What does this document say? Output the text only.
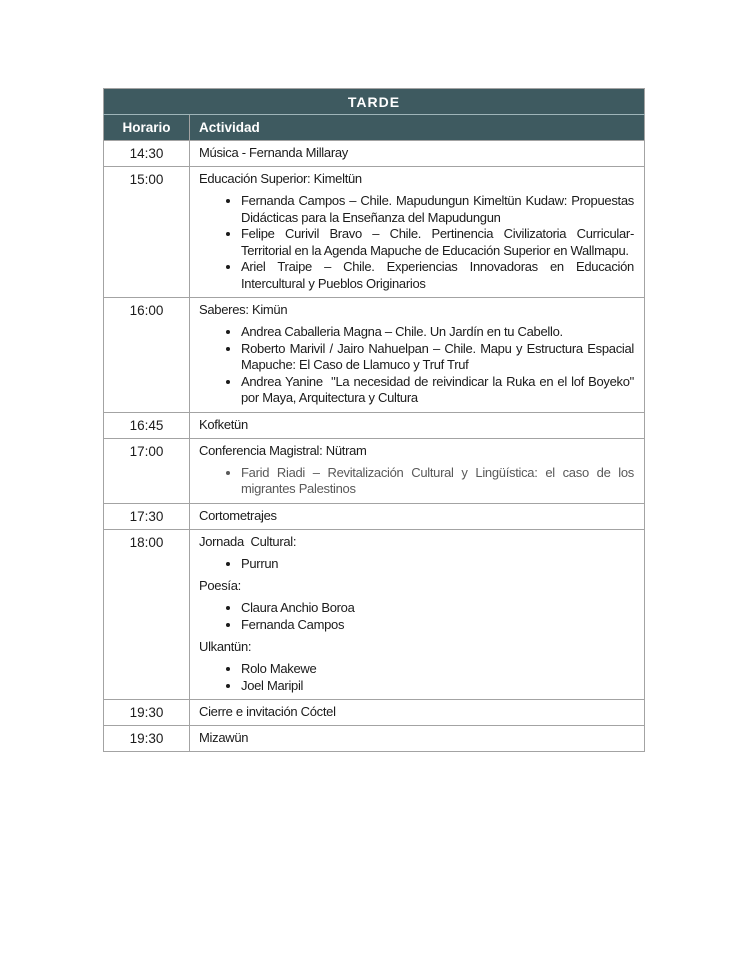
TARDE	
Horario	Actividad
14:30	Música - Fernanda Millaray

15:00	Educación Superior: Kimeltün
• Fernanda Campos – Chile. Mapudungun Kimeltün Kudaw: Propuestas Didácticas para la Enseñanza del Mapudungun
• Felipe Curivil Bravo – Chile. Pertinencia Civilizatoria Curricular-Territorial en la Agenda Mapuche de Educación Superior en Wallmapu.
• Ariel Traipe – Chile. Experiencias Innovadoras en Educación Intercultural y Pueblos Originarios

16:00	Saberes: Kimün
• Andrea Caballeria Magna – Chile. Un Jardín en tu Cabello.
• Roberto Marivil / Jairo Nahuelpan – Chile. Mapu y Estructura Espacial Mapuche: El Caso de Llamuco y Truf Truf
• Andrea Yanine  "La necesidad de reivindicar la Ruka en el lof Boyeko" por Maya, Arquitectura y Cultura

16:45	Kofketün

17:00	Conferencia Magistral: Nütram
• Farid Riadi – Revitalización Cultural y Lingüística: el caso de los migrantes Palestinos

17:30	Cortometrajes

18:00	Jornada  Cultural:
• Purrun
Poesía:
• Claura Anchio Boroa
• Fernanda Campos
Ulkantün:
• Rolo Makewe
• Joel Maripil

19:30	Cierre e invitación Cóctel

19:30	Mizawün
